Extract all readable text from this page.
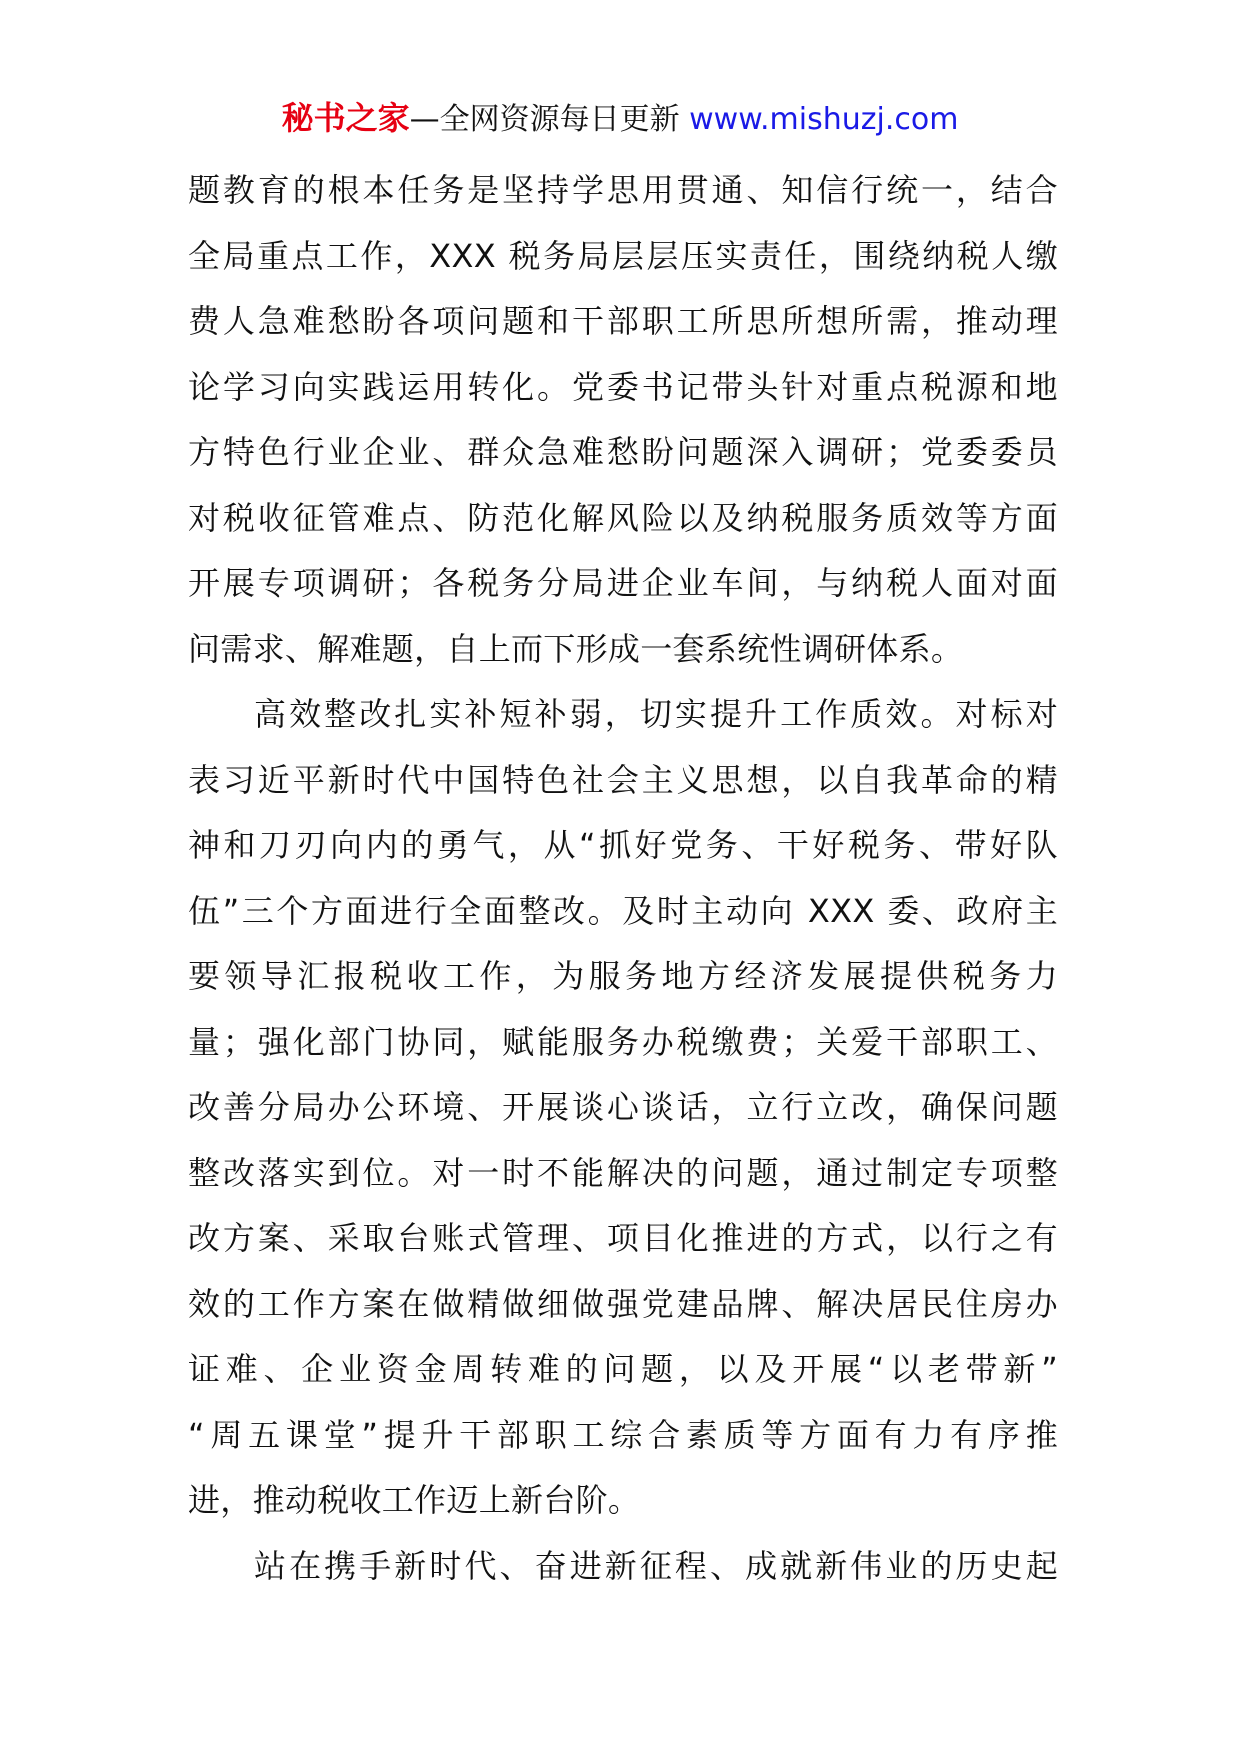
秘书之家—全网资源每日更新 www.mishuzj.com
题教育的根本任务是坚持学思用贯通、知信行统一，结合
全局重点工作，XXX 税务局层层压实责任，围绕纳税人缴
费人急难愁盼各项问题和干部职工所思所想所需，推动理
论学习向实践运用转化。党委书记带头针对重点税源和地
方特色行业企业、群众急难愁盼问题深入调研；党委委员
对税收征管难点、防范化解风险以及纳税服务质效等方面
开展专项调研；各税务分局进企业车间，与纳税人面对面
问需求、解难题，自上而下形成一套系统性调研体系。
高效整改扎实补短补弱，切实提升工作质效。对标对
表习近平新时代中国特色社会主义思想，以自我革命的精
神和刀刃向内的勇气，从“抓好党务、干好税务、带好队
伍”三个方面进行全面整改。及时主动向 XXX 委、政府主
要领导汇报税收工作，为服务地方经济发展提供税务力
量；强化部门协同，赋能服务办税缴费；关爱干部职工、
改善分局办公环境、开展谈心谈话，立行立改，确保问题
整改落实到位。对一时不能解决的问题，通过制定专项整
改方案、采取台账式管理、项目化推进的方式，以行之有
效的工作方案在做精做细做强党建品牌、解决居民住房办
证难、企业资金周转难的问题，以及开展“以老带新”
“周五课堂”提升干部职工综合素质等方面有力有序推
进，推动税收工作迈上新台阶。
站在携手新时代、奋进新征程、成就新伟业的历史起
